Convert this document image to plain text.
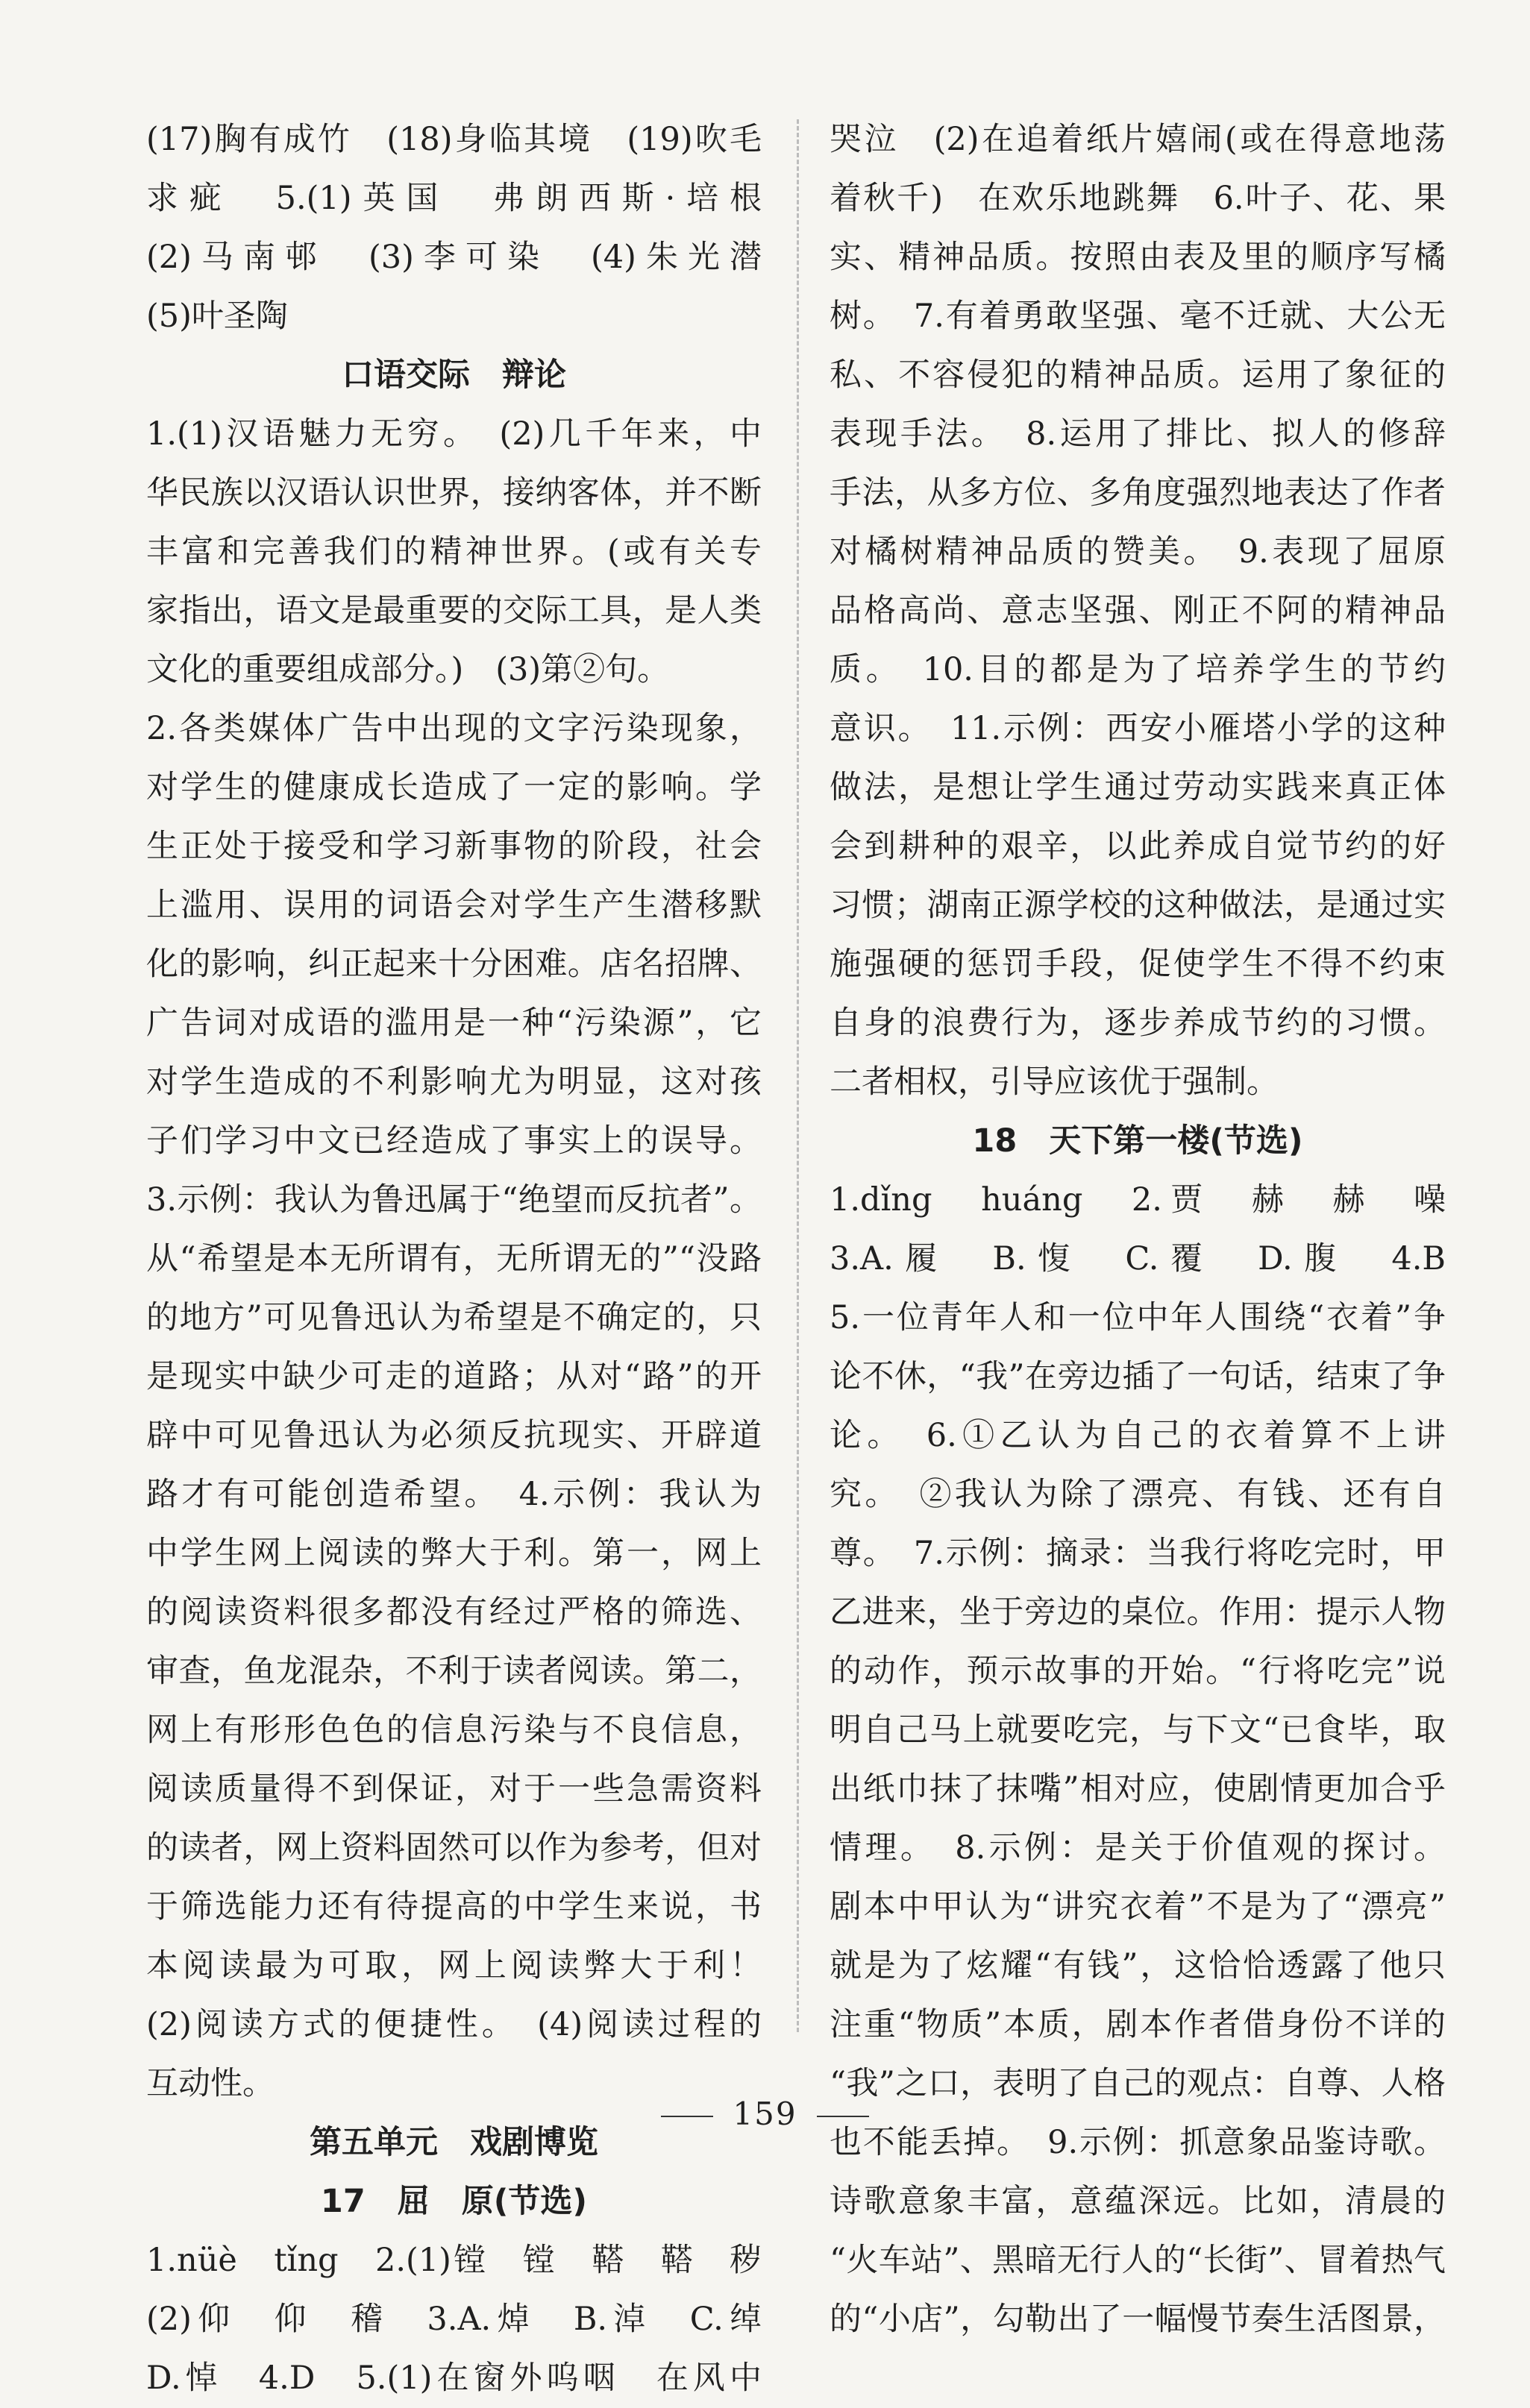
(17)胸有成竹　(18)身临其境　(19)吹毛
求疵　5.(1)英国　弗朗西斯·培根
(2)马南邨　(3)李可染　(4)朱光潜
(5)叶圣陶
口语交际　辩论
1.(1)汉语魅力无穷。　(2)几千年来，中
华民族以汉语认识世界，接纳客体，并不断
丰富和完善我们的精神世界。(或有关专
家指出，语文是最重要的交际工具，是人类
文化的重要组成部分。)　(3)第②句。
2.各类媒体广告中出现的文字污染现象，
对学生的健康成长造成了一定的影响。学
生正处于接受和学习新事物的阶段，社会
上滥用、误用的词语会对学生产生潜移默
化的影响，纠正起来十分困难。店名招牌、
广告词对成语的滥用是一种“污染源”，它
对学生造成的不利影响尤为明显，这对孩
子们学习中文已经造成了事实上的误导。
3.示例：我认为鲁迅属于“绝望而反抗者”。
从“希望是本无所谓有，无所谓无的”“没路
的地方”可见鲁迅认为希望是不确定的，只
是现实中缺少可走的道路；从对“路”的开
辟中可见鲁迅认为必须反抗现实、开辟道
路才有可能创造希望。　4.示例：我认为
中学生网上阅读的弊大于利。第一，网上
的阅读资料很多都没有经过严格的筛选、
审查，鱼龙混杂，不利于读者阅读。第二，
网上有形形色色的信息污染与不良信息，
阅读质量得不到保证，对于一些急需资料
的读者，网上资料固然可以作为参考，但对
于筛选能力还有待提高的中学生来说，书
本阅读最为可取，网上阅读弊大于利！
(2)阅读方式的便捷性。　(4)阅读过程的
互动性。
第五单元　戏剧博览
17　屈　原(节选)
1.nüè　tǐng　2.(1)镗　镗　鞳　鞳　秽
(2)仰　仰　稽　3.A.焯　B.淖　C.绰
D.悼　4.D　5.(1)在窗外呜咽　在风中
哭泣　(2)在追着纸片嬉闹(或在得意地荡
着秋千)　在欢乐地跳舞　6.叶子、花、果
实、精神品质。按照由表及里的顺序写橘
树。　7.有着勇敢坚强、毫不迁就、大公无
私、不容侵犯的精神品质。运用了象征的
表现手法。　8.运用了排比、拟人的修辞
手法，从多方位、多角度强烈地表达了作者
对橘树精神品质的赞美。　9.表现了屈原
品格高尚、意志坚强、刚正不阿的精神品
质。　10.目的都是为了培养学生的节约
意识。　11.示例：西安小雁塔小学的这种
做法，是想让学生通过劳动实践来真正体
会到耕种的艰辛，以此养成自觉节约的好
习惯；湖南正源学校的这种做法，是通过实
施强硬的惩罚手段，促使学生不得不约束
自身的浪费行为，逐步养成节约的习惯。
二者相权，引导应该优于强制。
18　天下第一楼(节选)
1.dǐng　huáng　2.贾　赫　赫　噪
3.A.履　B.愎　C.覆　D.腹　4.B
5.一位青年人和一位中年人围绕“衣着”争
论不休，“我”在旁边插了一句话，结束了争
论。　6.①乙认为自己的衣着算不上讲
究。　②我认为除了漂亮、有钱、还有自
尊。　7.示例：摘录：当我行将吃完时，甲
乙进来，坐于旁边的桌位。作用：提示人物
的动作，预示故事的开始。“行将吃完”说
明自己马上就要吃完，与下文“已食毕，取
出纸巾抹了抹嘴”相对应，使剧情更加合乎
情理。　8.示例：是关于价值观的探讨。
剧本中甲认为“讲究衣着”不是为了“漂亮”
就是为了炫耀“有钱”，这恰恰透露了他只
注重“物质”本质，剧本作者借身份不详的
“我”之口，表明了自己的观点：自尊、人格
也不能丢掉。　9.示例：抓意象品鉴诗歌。
诗歌意象丰富，意蕴深远。比如，清晨的
“火车站”、黑暗无行人的“长街”、冒着热气
的“小店”，勾勒出了一幅慢节奏生活图景，
159
